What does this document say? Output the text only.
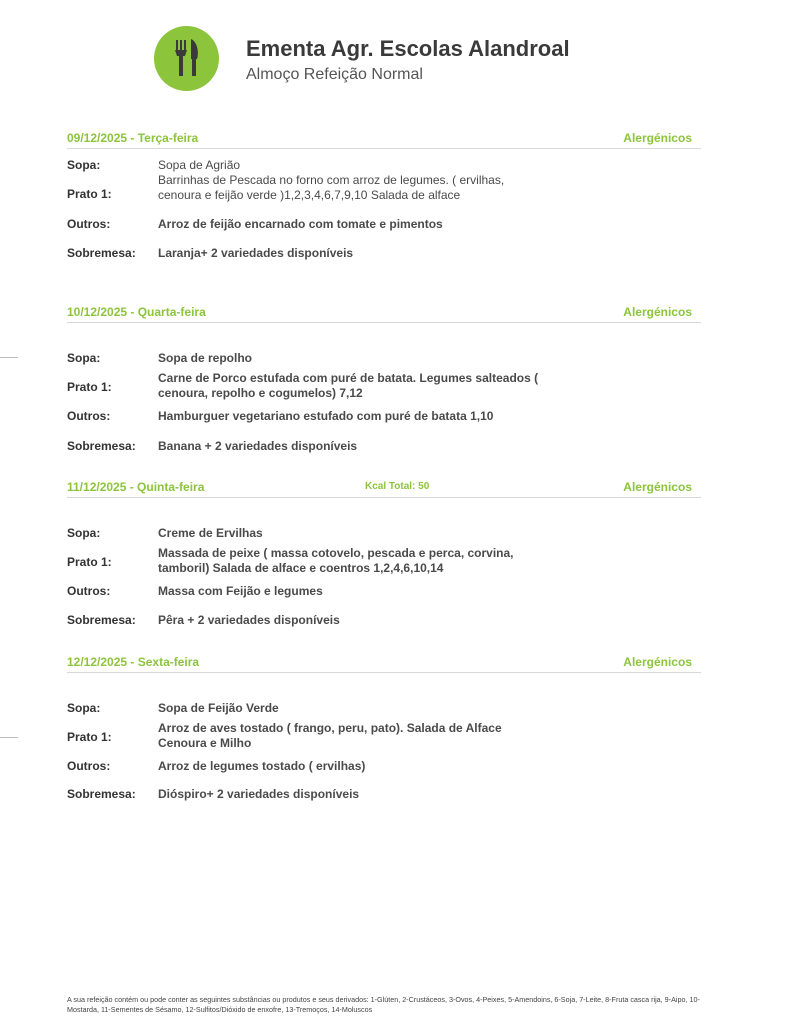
Ementa Agr. Escolas Alandroal
Almoço Refeição Normal
09/12/2025 - Terça-feira	Alergénicos
Sopa:	Sopa de Agrião
Prato 1:
Barrinhas de Pescada no forno com arroz de legumes. ( ervilhas, cenoura e feijão verde )1,2,3,4,6,7,9,10 Salada de alface
Outros:	Arroz de feijão encarnado com tomate e pimentos
Sobremesa:	Laranja+ 2 variedades disponíveis
10/12/2025 - Quarta-feira	Alergénicos
Sopa:	Sopa de repolho
Prato 1:
Carne de Porco estufada com puré de batata. Legumes salteados ( cenoura, repolho e cogumelos) 7,12
Outros:	Hamburguer vegetariano estufado com puré de batata 1,10
Sobremesa:	Banana + 2 variedades disponíveis
11/12/2025 - Quinta-feira	Kcal Total: 50	Alergénicos
Sopa:	Creme de Ervilhas
Prato 1:
Massada de peixe ( massa cotovelo, pescada e perca, corvina, tamboril) Salada de alface e coentros 1,2,4,6,10,14
Outros:	Massa com Feijão e legumes
Sobremesa:	Pêra + 2 variedades disponíveis
12/12/2025 - Sexta-feira	Alergénicos
Sopa:	Sopa de Feijão Verde
Prato 1:
Arroz de aves tostado ( frango, peru, pato). Salada de Alface Cenoura e Milho
Outros:	Arroz de legumes tostado ( ervilhas)
Sobremesa:	Dióspiro+ 2 variedades disponíveis
A sua refeição contém ou pode conter as seguintes substâncias ou produtos e seus derivados: 1-Glúten, 2-Crustáceos, 3-Ovos, 4-Peixes, 5-Amendoins, 6-Soja, 7-Leite, 8-Fruta casca rija, 9-Aipo, 10-Mostarda, 11-Sementes de Sésamo, 12-Sulfitos/Dióxido de enxofre, 13-Tremoços, 14-Moluscos
